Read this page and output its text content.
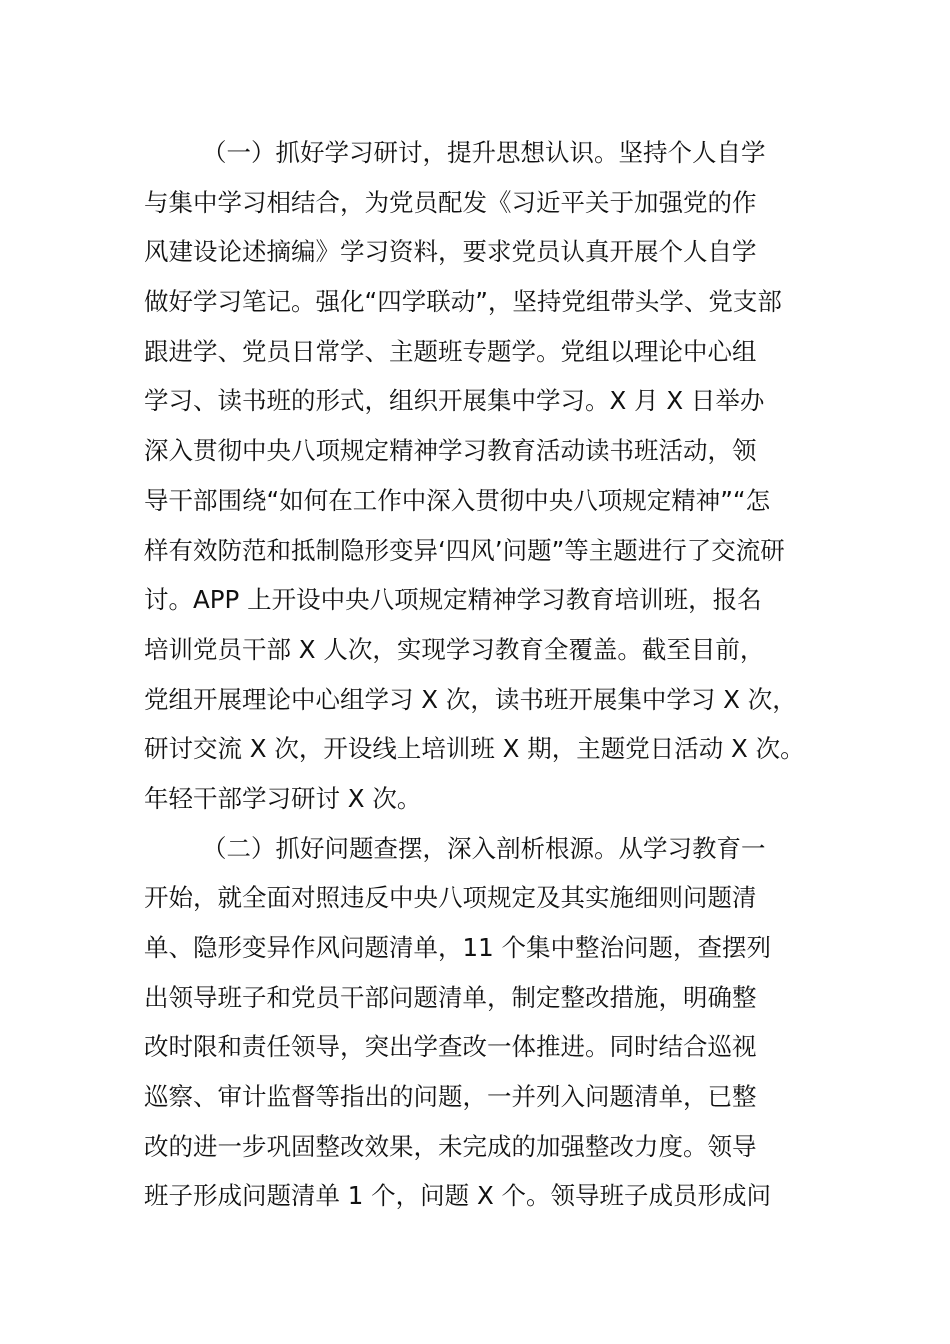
（一）抓好学习研讨，提升思想认识。坚持个人自学
与集中学习相结合，为党员配发《习近平关于加强党的作
风建设论述摘编》学习资料，要求党员认真开展个人自学
做好学习笔记。强化“四学联动”，坚持党组带头学、党支部
跟进学、党员日常学、主题班专题学。党组以理论中心组
学习、读书班的形式，组织开展集中学习。X 月 X 日举办
深入贯彻中央八项规定精神学习教育活动读书班活动，领
导干部围绕“如何在工作中深入贯彻中央八项规定精神”“怎
样有效防范和抵制隐形变异‘四风’问题”等主题进行了交流研
讨。APP 上开设中央八项规定精神学习教育培训班，报名
培训党员干部 X 人次，实现学习教育全覆盖。截至目前，
党组开展理论中心组学习 X 次，读书班开展集中学习 X 次，
研讨交流 X 次，开设线上培训班 X 期，主题党日活动 X 次。
年轻干部学习研讨 X 次。
（二）抓好问题查摆，深入剖析根源。从学习教育一
开始，就全面对照违反中央八项规定及其实施细则问题清
单、隐形变异作风问题清单，11 个集中整治问题，查摆列
出领导班子和党员干部问题清单，制定整改措施，明确整
改时限和责任领导，突出学查改一体推进。同时结合巡视
巡察、审计监督等指出的问题，一并列入问题清单，已整
改的进一步巩固整改效果，未完成的加强整改力度。领导
班子形成问题清单 1 个，问题 X 个。领导班子成员形成问
